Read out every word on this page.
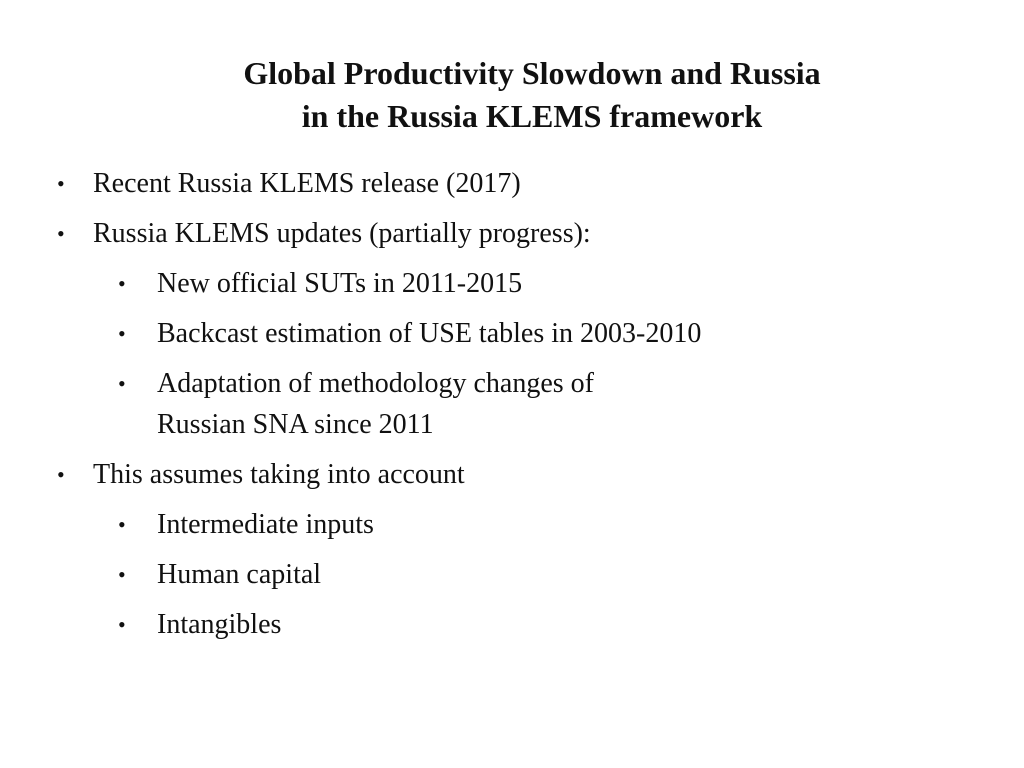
Global Productivity Slowdown and Russia
in the Russia KLEMS framework
• Recent Russia KLEMS release (2017)
• Russia KLEMS updates (partially progress):
• New official SUTs in 2011-2015
• Backcast estimation of USE tables in 2003-2010
• Adaptation of methodology changes of
Russian SNA since 2011
• This assumes taking into account
• Intermediate inputs
• Human capital
• Intangibles
